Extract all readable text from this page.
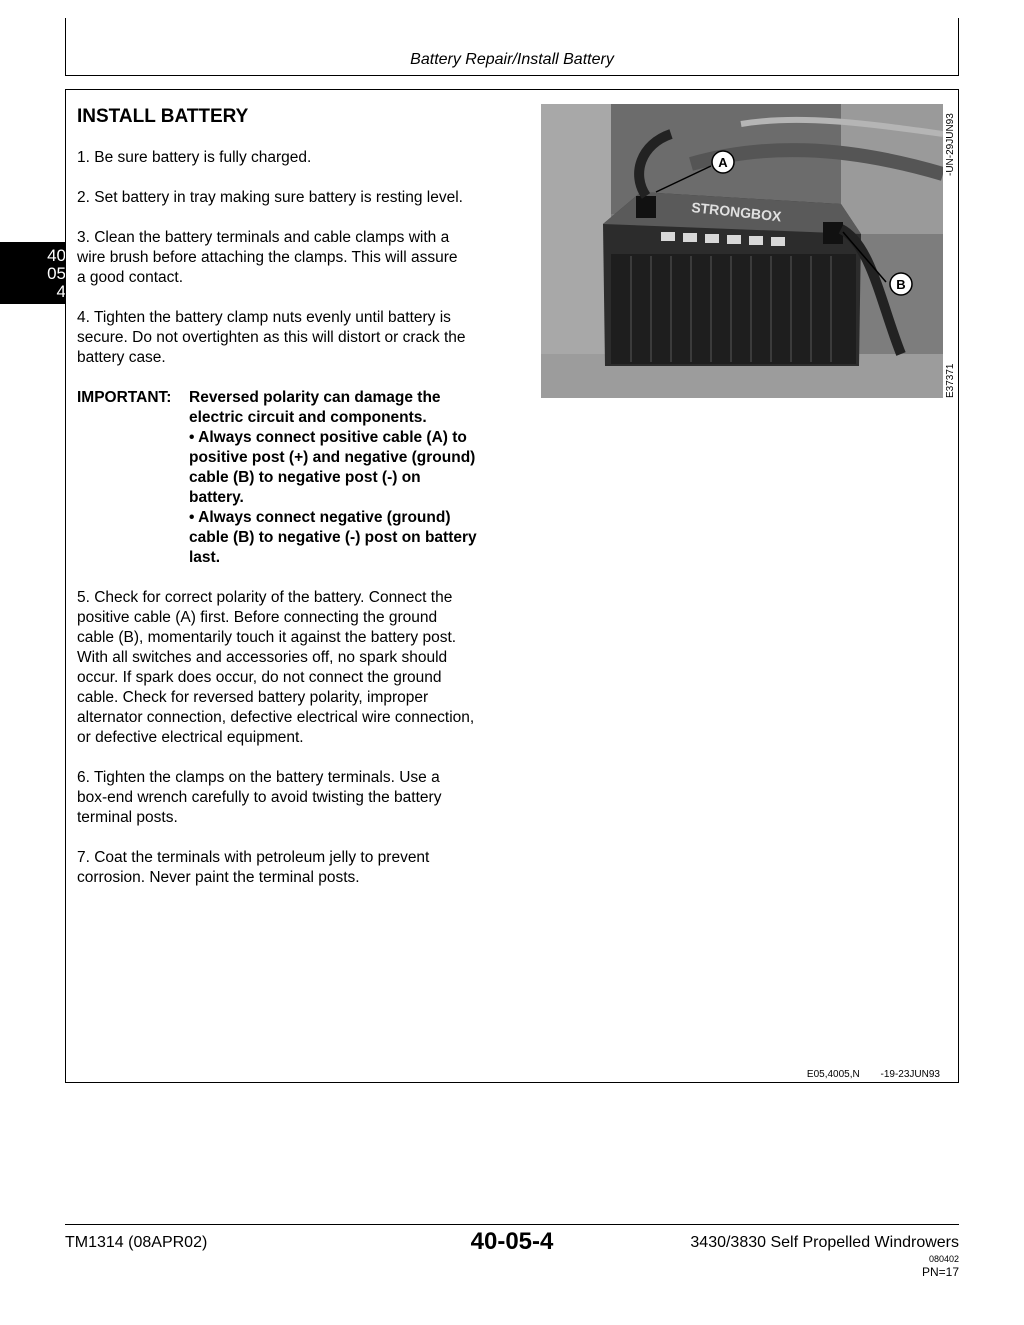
Battery Repair/Install Battery
40
05
4
INSTALL BATTERY
1. Be sure battery is fully charged.
2. Set battery in tray making sure battery is resting level.
3. Clean the battery terminals and cable clamps with a
wire brush before attaching the clamps. This will assure
a good contact.
4. Tighten the battery clamp nuts evenly until battery is
secure. Do not overtighten as this will distort or crack the
battery case.
IMPORTANT:	Reversed polarity can damage the
electric circuit and components.
• Always connect positive cable (A) to
positive post (+) and negative (ground)
cable (B) to negative post (-) on
battery.
• Always connect negative (ground)
cable (B) to negative (-) post on battery
last.
5. Check for correct polarity of the battery. Connect the
positive cable (A) first. Before connecting the ground
cable (B), momentarily touch it against the battery post.
With all switches and accessories off, no spark should
occur. If spark does occur, do not connect the ground
cable. Check for reversed battery polarity, improper
alternator connection, defective electrical wire connection,
or defective electrical equipment.
6. Tighten the clamps on the battery terminals. Use a
box-end wrench carefully to avoid twisting the battery
terminal posts.
7. Coat the terminals with petroleum jelly to prevent
corrosion. Never paint the terminal posts.
STRONGBOX
A
B
-UN-29JUN93
E37371
E05,4005,N -19-23JUN93
TM1314 (08APR02)	40-05-4	3430/3830 Self Propelled Windrowers
080402
PN=17
